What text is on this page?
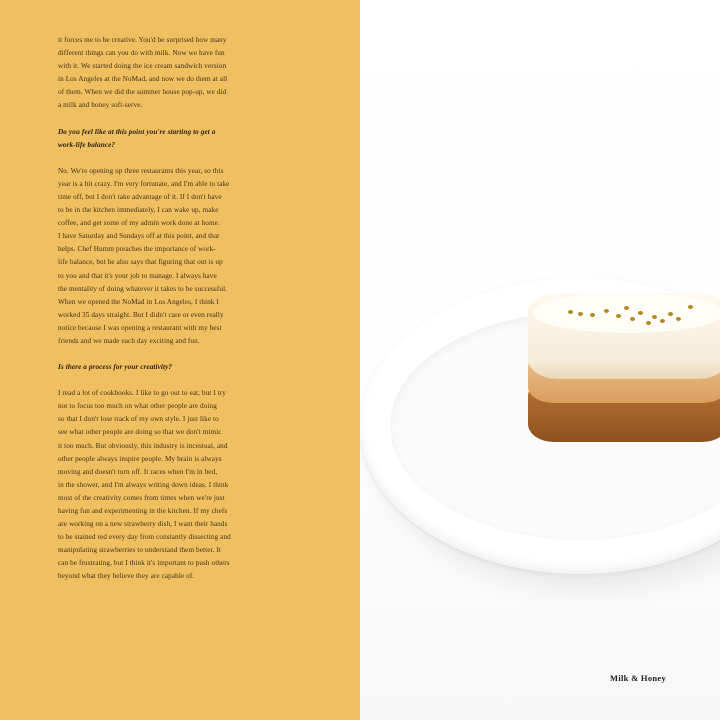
it forces me to be creative. You'd be surprised how many
different things can you do with milk. Now we have fun
with it. We started doing the ice cream sandwich version
in Los Angeles at the NoMad, and now we do them at all
of them. When we did the summer house pop-up, we did
a milk and honey soft-serve.

Do you feel like at this point you're starting to get a
work-life balance?

No. We're opening up three restaurants this year, so this
year is a bit crazy. I'm very fortunate, and I'm able to take
time off, but I don't take advantage of it. If I don't have
to be in the kitchen immediately, I can wake up, make
coffee, and get some of my admin work done at home.
I have Saturday and Sundays off at this point, and that
helps. Chef Humm preaches the importance of work-
life balance, but he also says that figuring that out is up
to you and that it's your job to manage. I always have
the mentality of doing whatever it takes to be successful.
When we opened the NoMad in Los Angeles, I think I
worked 35 days straight. But I didn't care or even really
notice because I was opening a restaurant with my best
friends and we made each day exciting and fun.

Is there a process for your creativity?

I read a lot of cookbooks. I like to go out to eat, but I try
not to focus too much on what other people are doing
so that I don't lose track of my own style. I just like to
see what other people are doing so that we don't mimic
it too much. But obviously, this industry is incestual, and
other people always inspire people. My brain is always
moving and doesn't turn off. It races when I'm in bed,
in the shower, and I'm always writing down ideas. I think
most of the creativity comes from times when we're just
having fun and experimenting in the kitchen. If my chefs
are working on a new strawberry dish, I want their hands
to be stained red every day from constantly dissecting and
manipulating strawberries to understand them better. It
can be frustrating, but I think it's important to push others
beyond what they believe they are capable of.

Milk & Honey
